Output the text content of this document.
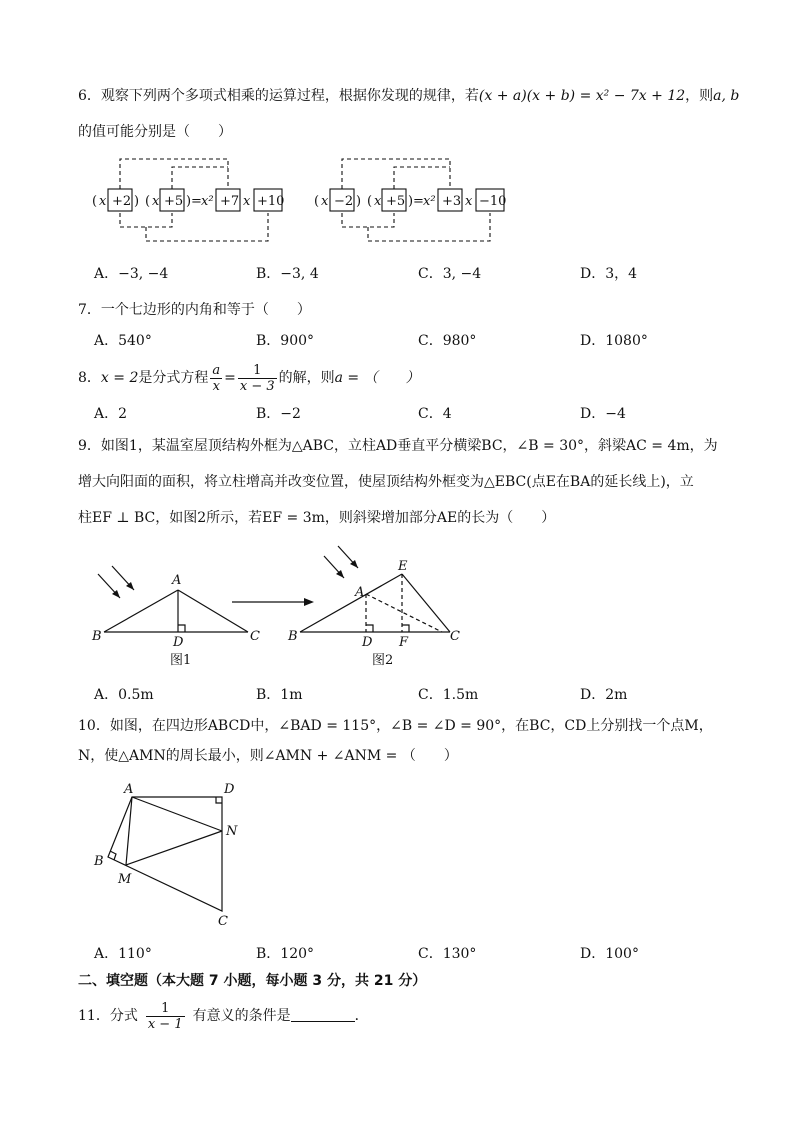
6．观察下列两个多项式相乘的运算过程，根据你发现的规律，若(x + a)(x + b) = x² − 7x + 12，则a, b
的值可能分别是（　　）
( x +2 ) ( x +5 ) = x² +7 x +10 ( x −2 ) ( x +5 ) = x² +3 x −10
A．−3, −4	B．−3, 4	C．3, −4	D．3，4
7．一个七边形的内角和等于（　　）
A．540°	B．900°	C．980°	D．1080°
8．x = 2是分式方程 $\frac{a}{x} = \frac{1}{x - 3}$ 的解，则a = （　　）
A．2	B．−2	C．4	D．−4
9．如图1，某温室屋顶结构外框为△ABC，立柱AD垂直平分横梁BC，∠B = 30°，斜梁AC = 4m，为
增大向阳面的面积，将立柱增高并改变位置，使屋顶结构外框变为△EBC(点E在BA的延长线上)，立
柱EF ⊥ BC，如图2所示，若EF = 3m，则斜梁增加部分AE的长为（　　）
A
B	C
D
A
B	C
D
E
F
图1	图2
A．0.5m	B．1m	C．1.5m	D．2m
10．如图，在四边形ABCD中，∠BAD = 115°，∠B = ∠D = 90°，在BC，CD上分别找一个点M，
N，使△AMN的周长最小，则∠AMN + ∠ANM = （　　）
A	D
N
B
M
C
A．110°	B．120°	C．130°	D．100°
二、填空题（本大题 7 小题，每小题 3 分，共 21 分）
11．分式 $\frac{1}{x - 1}$ 有意义的条件是	．
